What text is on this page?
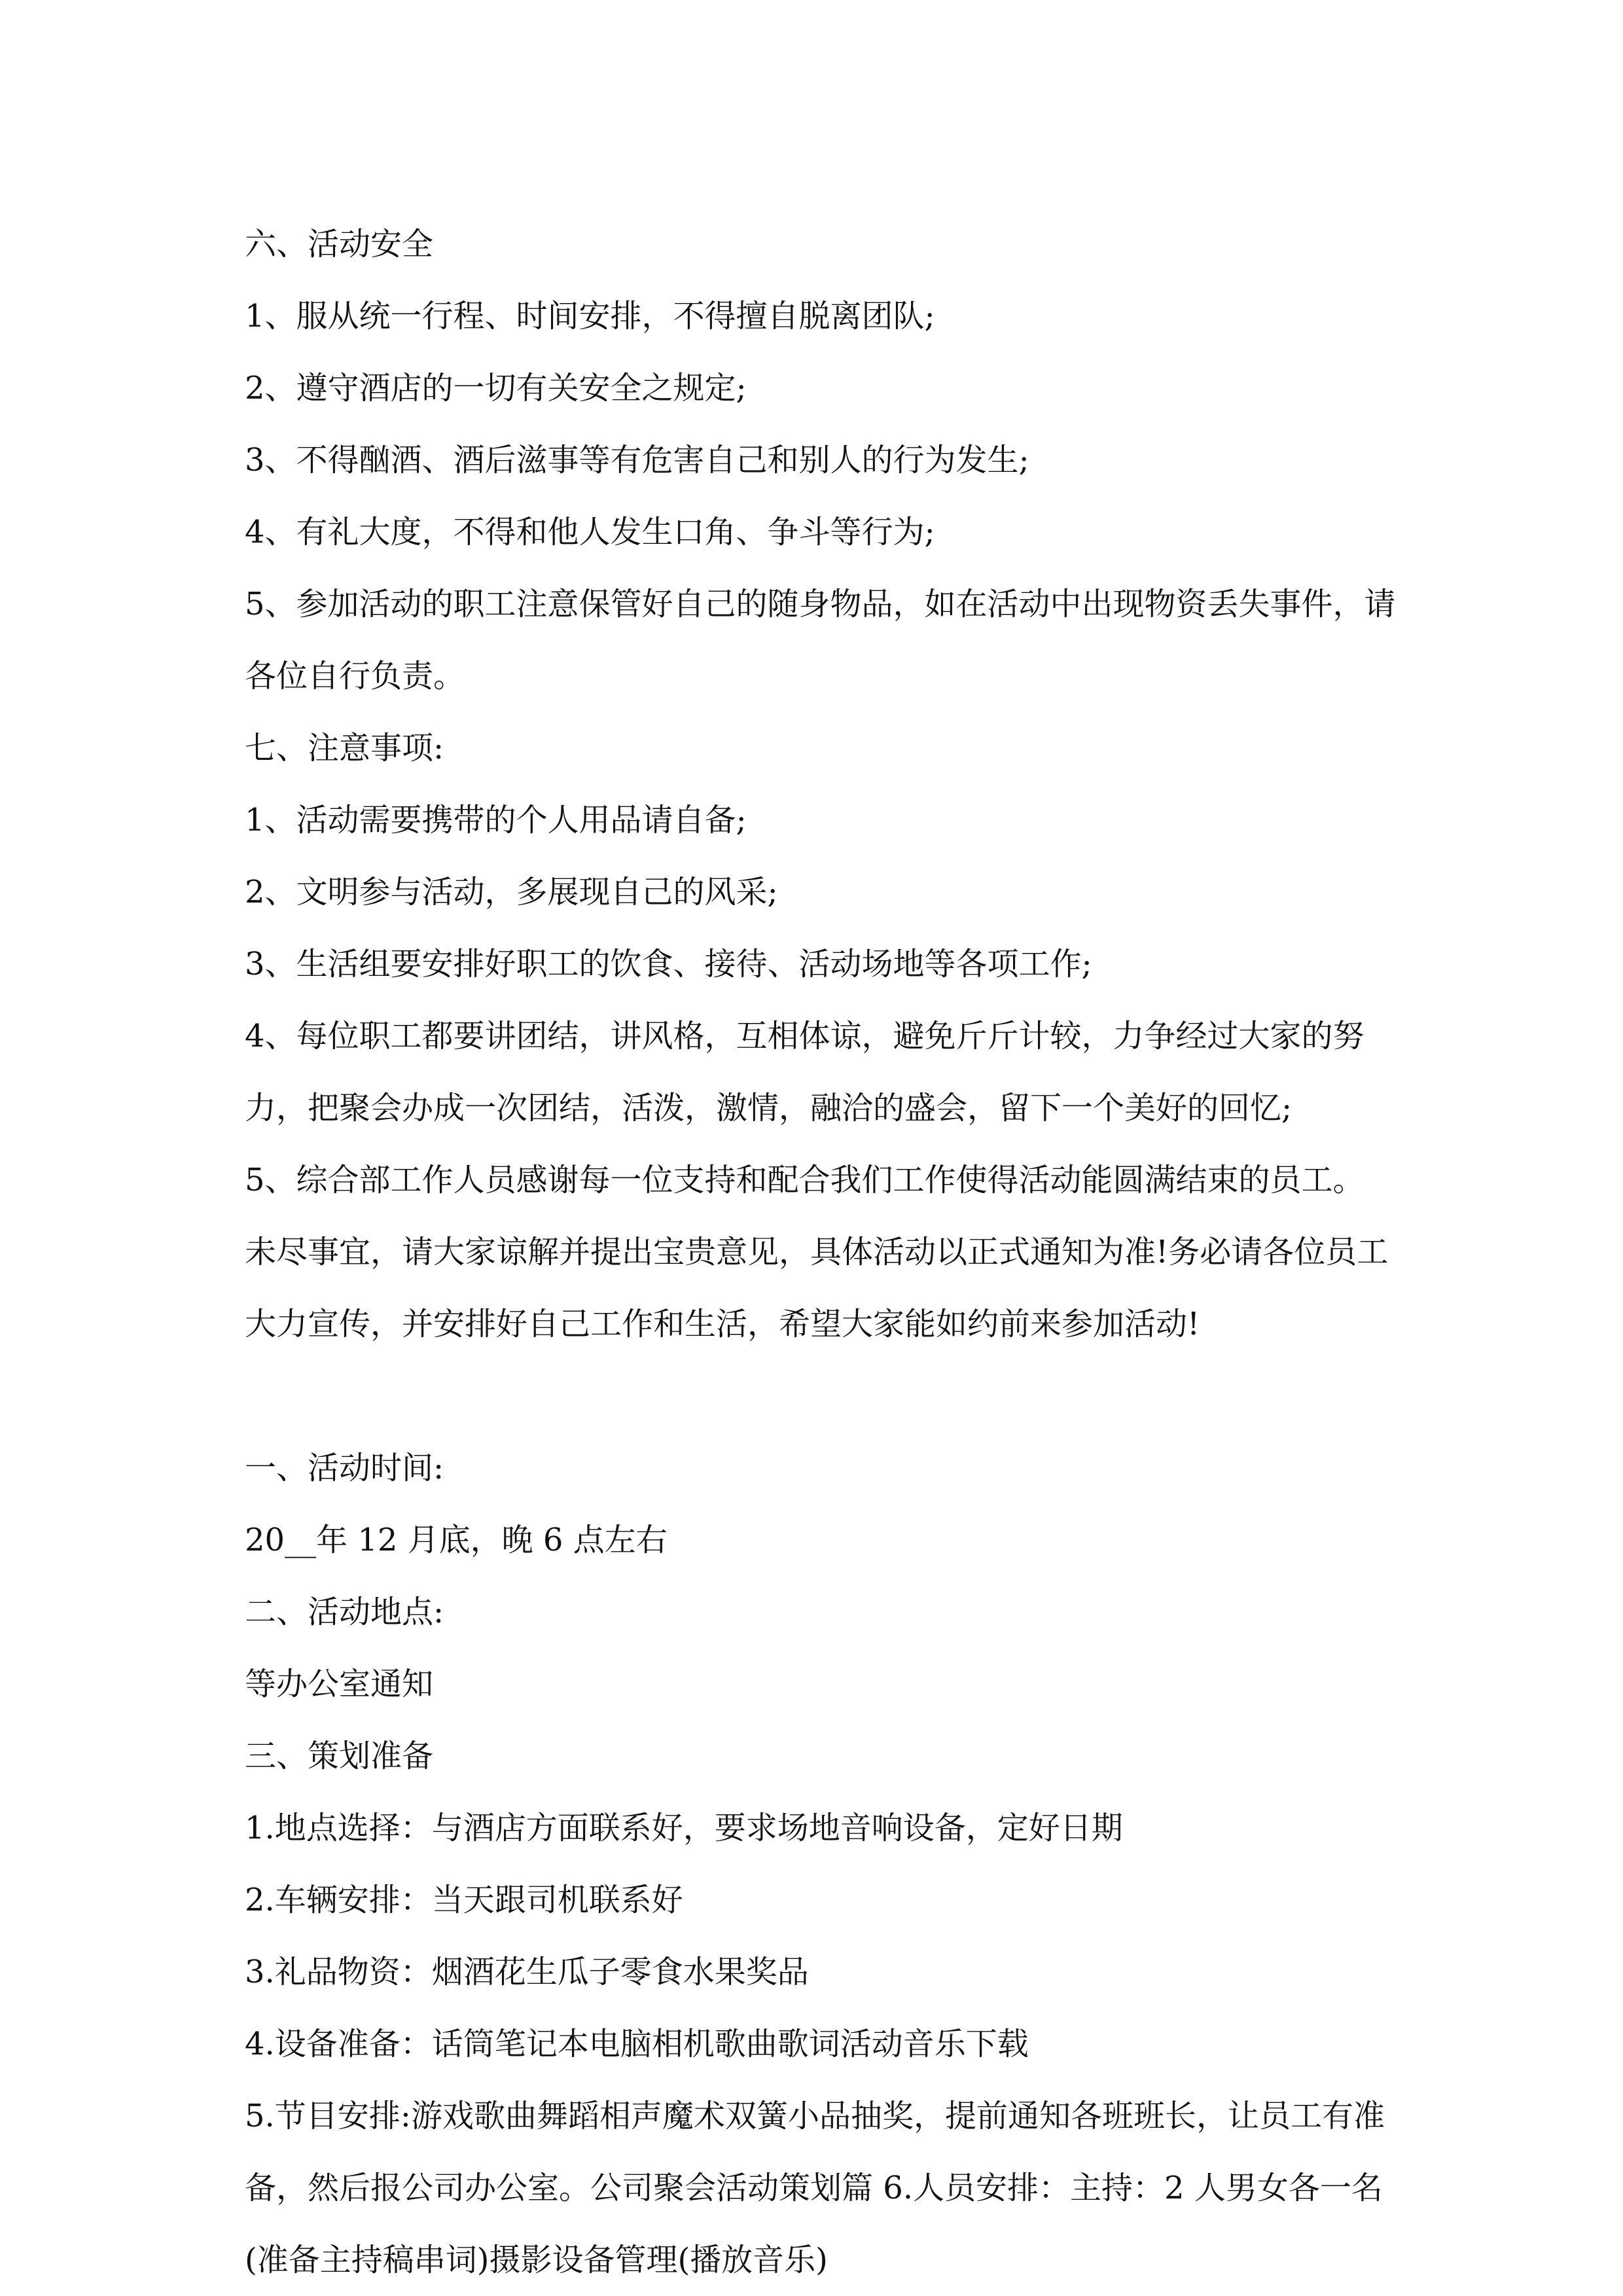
六、活动安全
1、服从统一行程、时间安排，不得擅自脱离团队;
2、遵守酒店的一切有关安全之规定;
3、不得酗酒、酒后滋事等有危害自己和别人的行为发生;
4、有礼大度，不得和他人发生口角、争斗等行为;
5、参加活动的职工注意保管好自己的随身物品，如在活动中出现物资丢失事件，请各位自行负责。
七、注意事项:
1、活动需要携带的个人用品请自备;
2、文明参与活动，多展现自己的风采;
3、生活组要安排好职工的饮食、接待、活动场地等各项工作;
4、每位职工都要讲团结，讲风格，互相体谅，避免斤斤计较，力争经过大家的努力，把聚会办成一次团结，活泼，激情，融洽的盛会，留下一个美好的回忆;
5、综合部工作人员感谢每一位支持和配合我们工作使得活动能圆满结束的员工。
未尽事宜，请大家谅解并提出宝贵意见，具体活动以正式通知为准!务必请各位员工大力宣传，并安排好自己工作和生活，希望大家能如约前来参加活动!
一、活动时间:
20__年 12 月底，晚 6 点左右
二、活动地点:
等办公室通知
三、策划准备
1.地点选择：与酒店方面联系好，要求场地音响设备，定好日期
2.车辆安排：当天跟司机联系好
3.礼品物资：烟酒花生瓜子零食水果奖品
4.设备准备：话筒笔记本电脑相机歌曲歌词活动音乐下载
5.节目安排:游戏歌曲舞蹈相声魔术双簧小品抽奖，提前通知各班班长，让员工有准备，然后报公司办公室。公司聚会活动策划篇 6.人员安排：主持：2 人男女各一名(准备主持稿串词)摄影设备管理(播放音乐)
